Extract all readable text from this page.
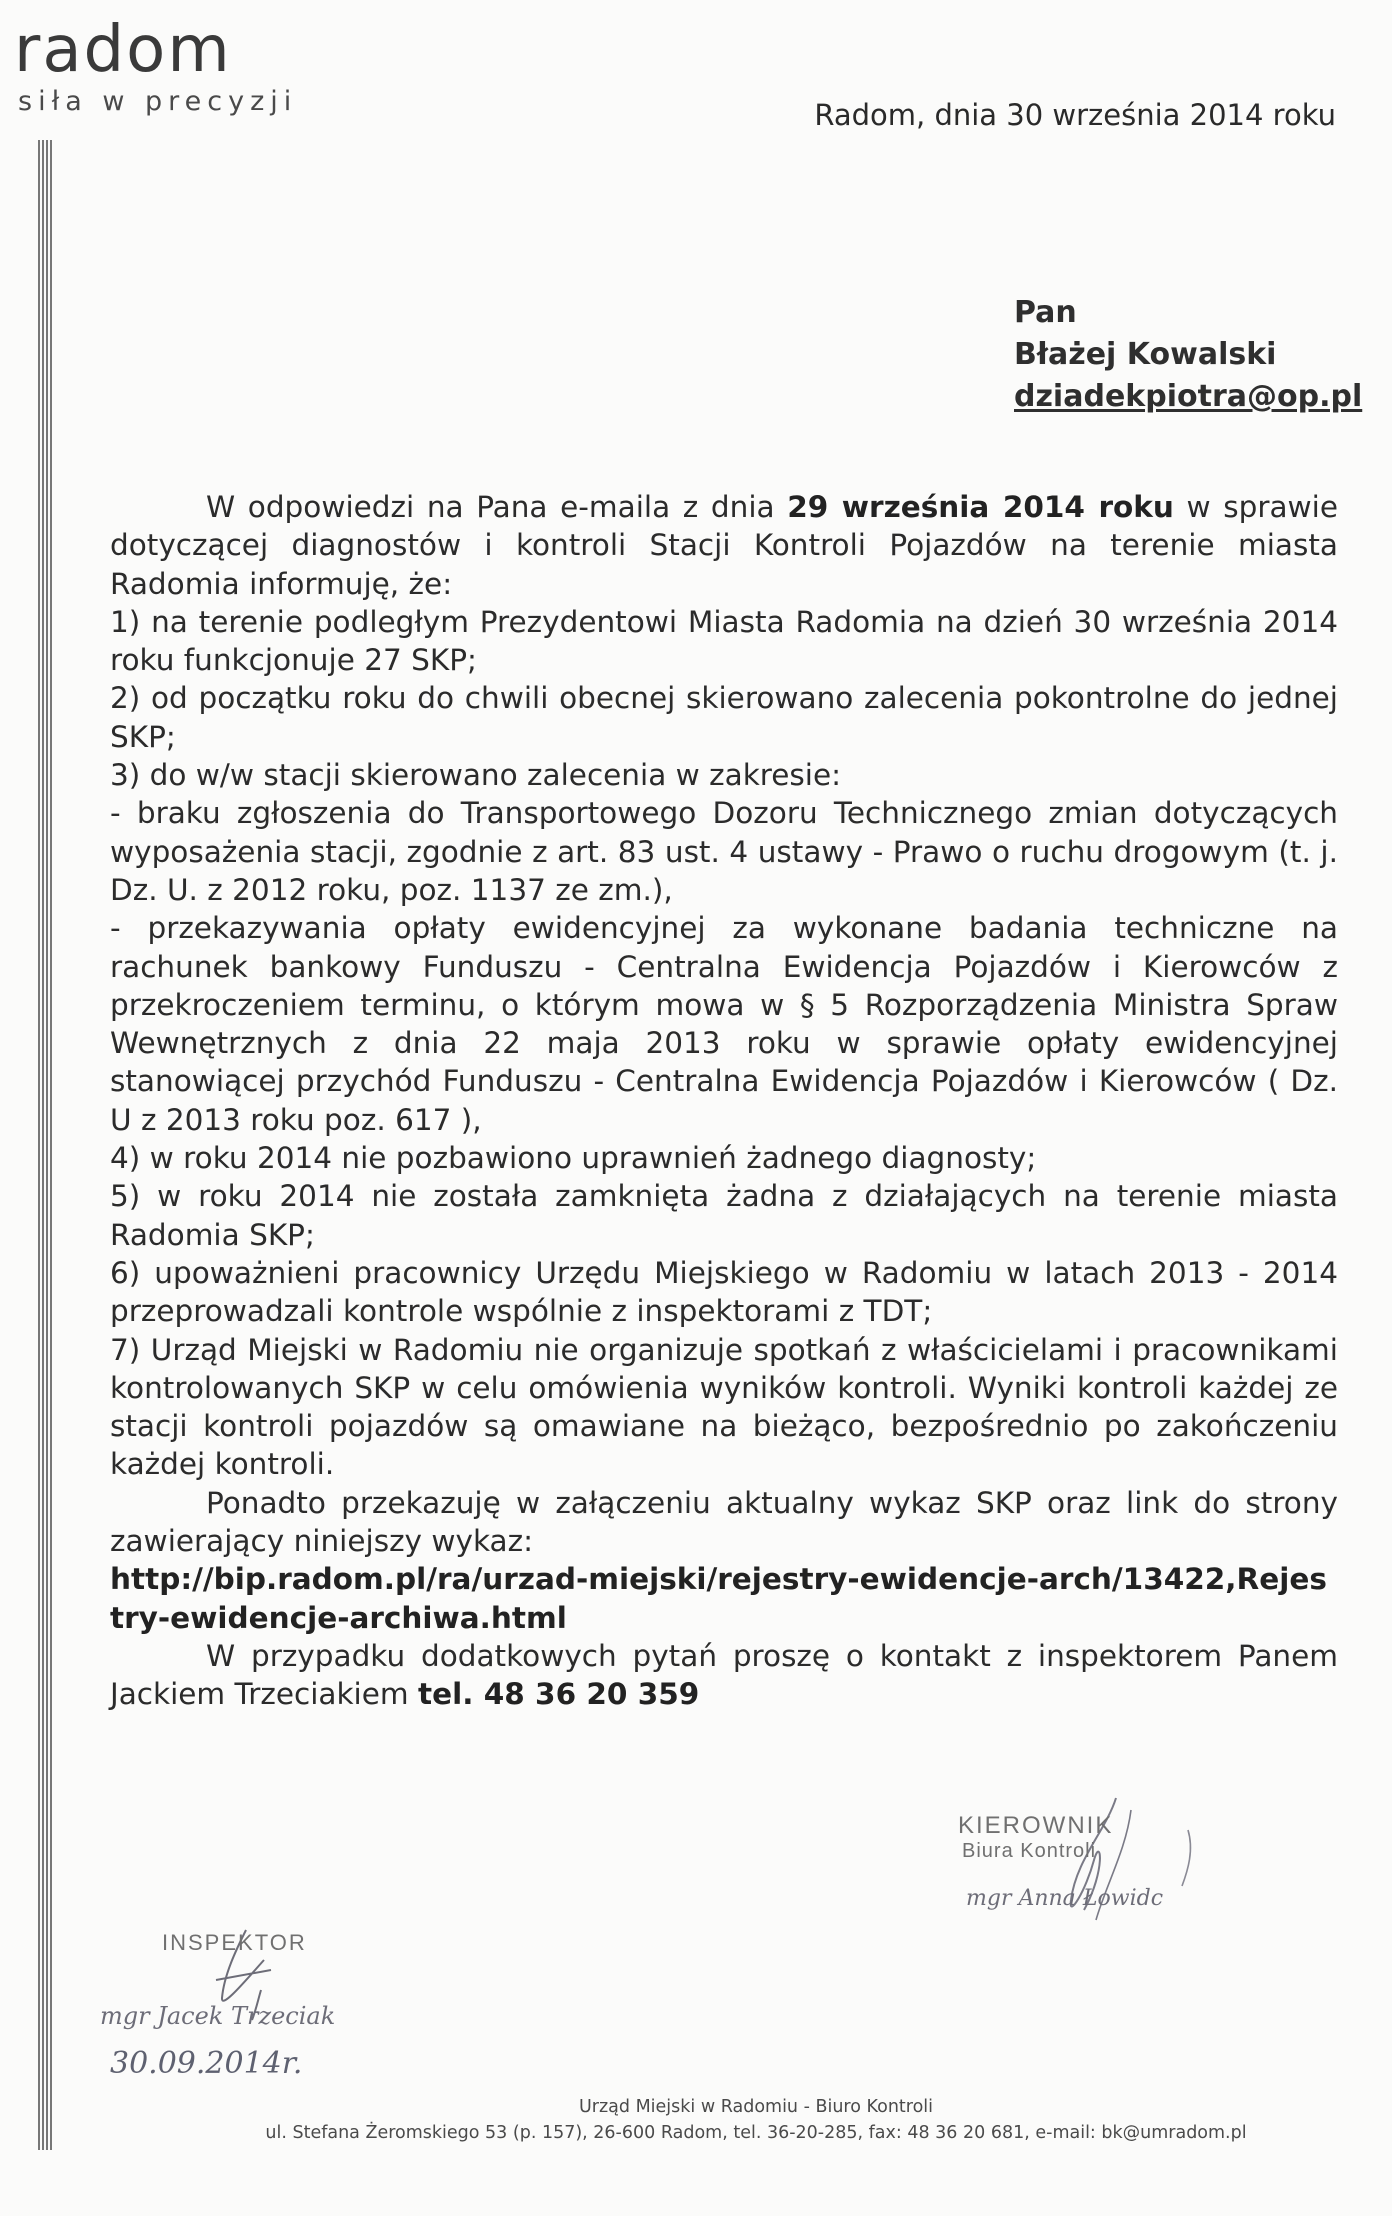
radom
siła w precyzji	Radom, dnia 30 września 2014 roku
Pan
Błażej Kowalski
dziadekpiotra@op.pl

W odpowiedzi na Pana e-maila z dnia 29 września 2014 roku w sprawie dotyczącej diagnostów i kontroli Stacji Kontroli Pojazdów na terenie miasta Radomia informuję, że:

1) na terenie podległym Prezydentowi Miasta Radomia na dzień 30 września 2014 roku funkcjonuje 27 SKP;

2) od początku roku do chwili obecnej skierowano zalecenia pokontrolne do jednej SKP;

3) do w/w stacji skierowano zalecenia w zakresie:

- braku zgłoszenia do Transportowego Dozoru Technicznego zmian dotyczących wyposażenia stacji, zgodnie z art. 83 ust. 4 ustawy - Prawo o ruchu drogowym (t. j. Dz. U. z 2012 roku, poz. 1137 ze zm.),

- przekazywania opłaty ewidencyjnej za wykonane badania techniczne na rachunek bankowy Funduszu - Centralna Ewidencja Pojazdów i Kierowców z przekroczeniem terminu, o którym mowa w § 5 Rozporządzenia Ministra Spraw Wewnętrznych z dnia 22 maja 2013 roku w sprawie opłaty ewidencyjnej stanowiącej przychód Funduszu - Centralna Ewidencja Pojazdów i Kierowców ( Dz. U z 2013 roku poz. 617 ),

4) w roku 2014 nie pozbawiono uprawnień żadnego diagnosty;

5) w roku 2014 nie została zamknięta żadna z działających na terenie miasta Radomia SKP;

6) upoważnieni pracownicy Urzędu Miejskiego w Radomiu w latach 2013 - 2014 przeprowadzali kontrole wspólnie z inspektorami z TDT;

7) Urząd Miejski w Radomiu nie organizuje spotkań z właścicielami i pracownikami kontrolowanych SKP w celu omówienia wyników kontroli. Wyniki kontroli każdej ze stacji kontroli pojazdów są omawiane na bieżąco, bezpośrednio po zakończeniu każdej kontroli.

Ponadto przekazuję w załączeniu aktualny wykaz SKP oraz link do strony zawierający niniejszy wykaz:

http://bip.radom.pl/ra/urzad-miejski/rejestry-ewidencje-arch/13422,Rejestry-ewidencje-archiwa.html

W przypadku dodatkowych pytań proszę o kontakt z inspektorem Panem Jackiem Trzeciakiem tel. 48 36 20 359

KIEROWNIK
Biura Kontroli
mgr Anna Łowidc
INSPEKTOR
mgr Jacek Trzeciak
30.09.2014r.
Urząd Miejski w Radomiu - Biuro Kontroli
ul. Stefana Żeromskiego 53 (p. 157), 26-600 Radom, tel. 36-20-285, fax: 48 36 20 681, e-mail: bk@umradom.pl
